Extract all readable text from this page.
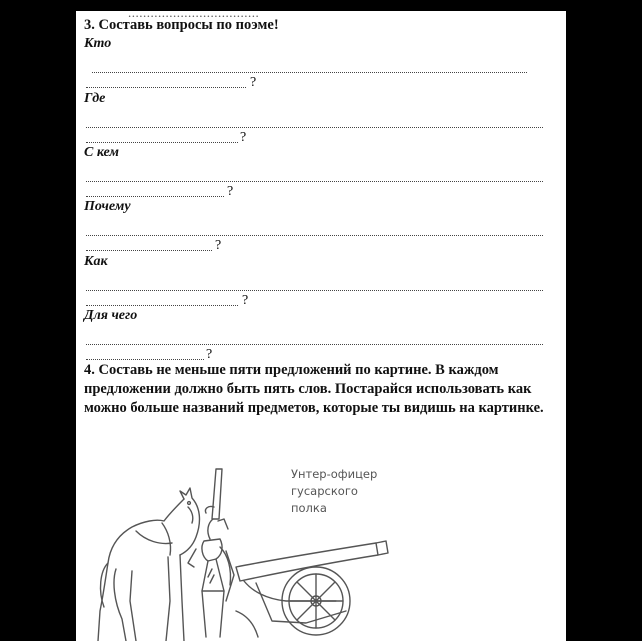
...................................
3. Составь вопросы по поэме!
Кто
?
Где
?
С кем
?
Почему
?
Как
?
Для чего
?
4. Составь не меньше пяти предложений по картине. В каждом предложении должно быть пять слов. Постарайся использовать как можно больше названий предметов, которые ты видишь на картинке.
Унтер-офицер
гусарского
полка
